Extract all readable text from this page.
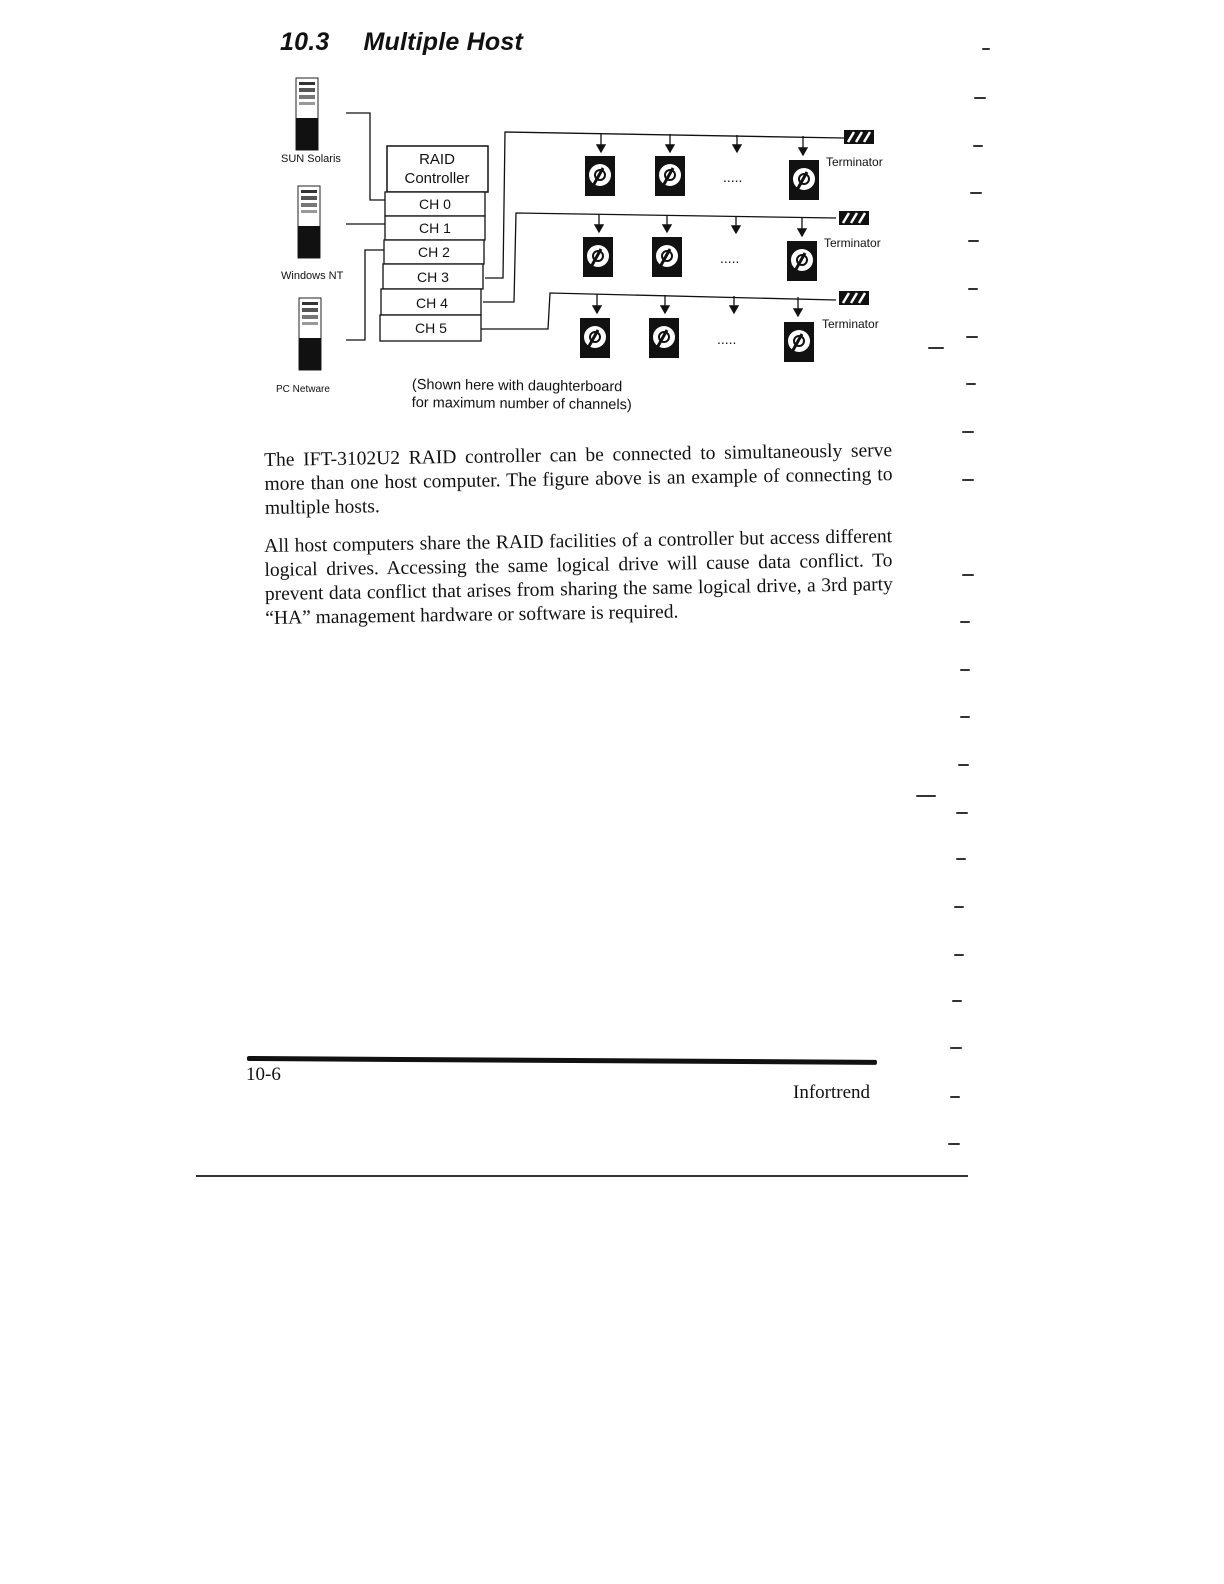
10.3 Multiple Host
SUN Solaris
Windows NT
PC Netware
RAID
Controller
CH 0
CH 1
CH 2
CH 3
CH 4
CH 5
.....
Terminator
.....
Terminator
.....
Terminator

(Shown here with daughterboard
for maximum number of channels)

The IFT-3102U2 RAID controller can be connected to simultaneously serve more than one host computer. The figure above is an example of connecting to multiple hosts.

All host computers share the RAID facilities of a controller but access different logical drives. Accessing the same logical drive will cause data conflict. To prevent data conflict that arises from sharing the same logical drive, a 3rd party “HA” management hardware or software is required.

10-6
Infortrend
